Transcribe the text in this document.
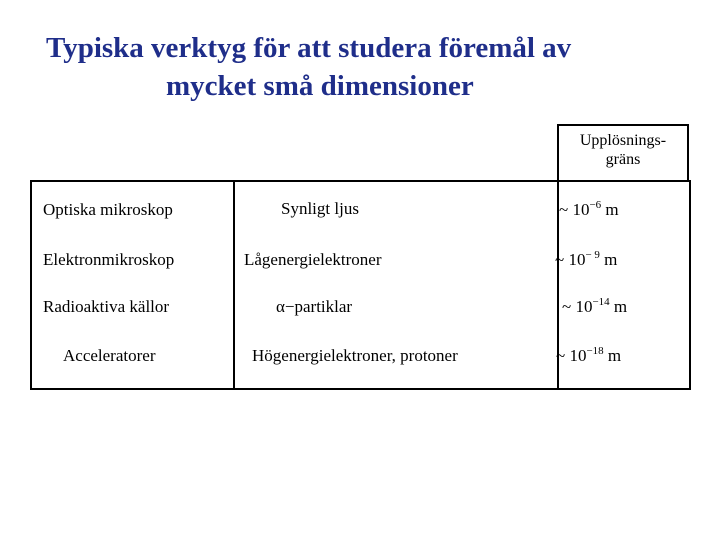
Typiska verktyg för att studera föremål av
mycket små dimensioner
Upplösnings-
gräns
Optiska mikroskop	Synligt ljus	~ $10^{-6}$ m
Elektronmikroskop	Lågenergielektroner	~ $10^{- 9}$ m
Radioaktiva källor	α−partiklar	~ $10^{-14}$ m
Acceleratorer	Högenergielektroner, protoner	~ $10^{-18}$ m
